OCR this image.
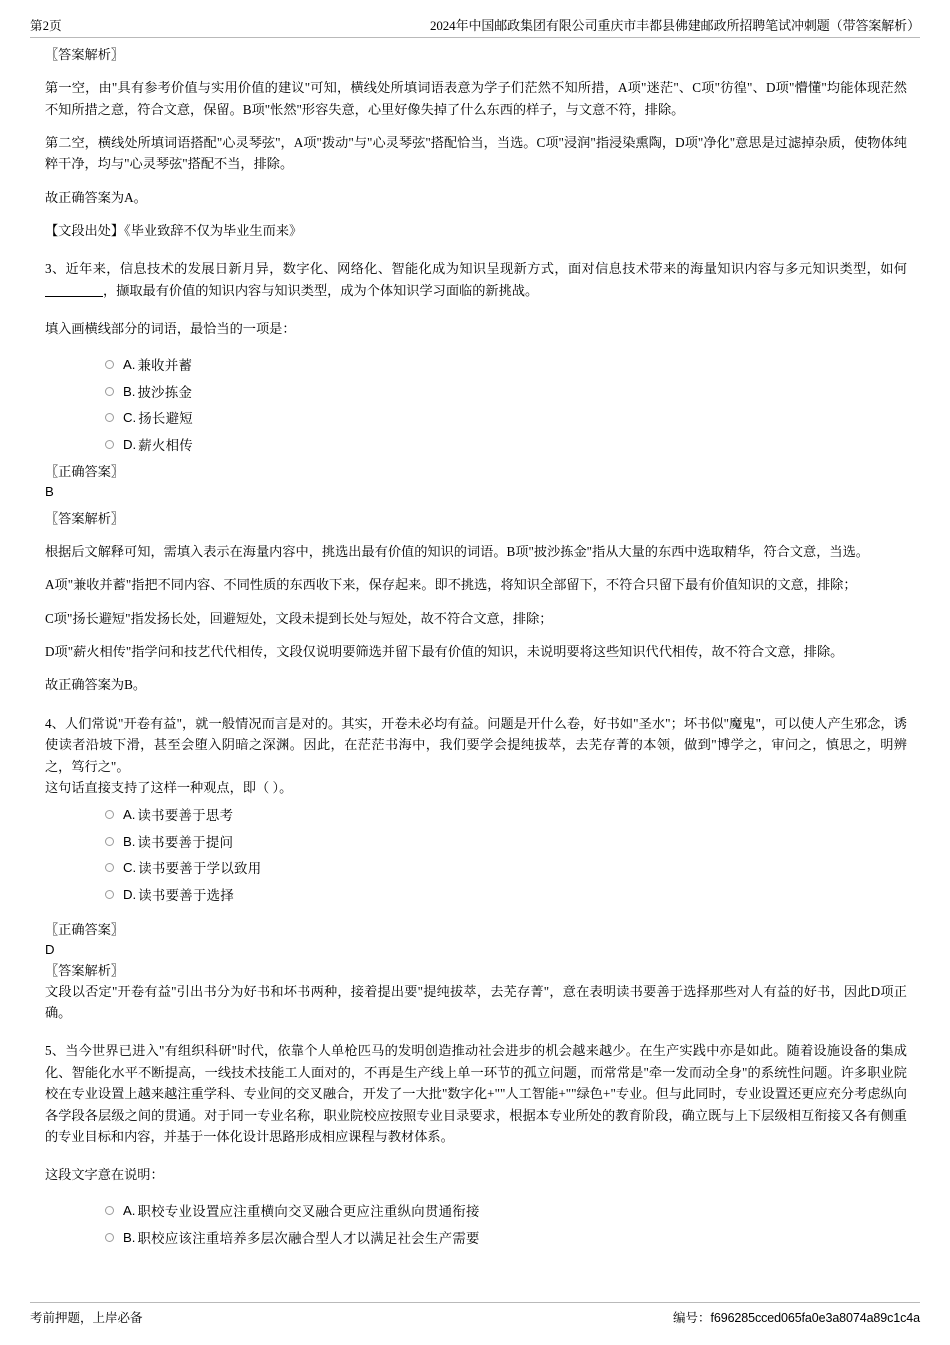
第2页	2024年中国邮政集团有限公司重庆市丰都县佛建邮政所招聘笔试冲刺题（带答案解析）

〖答案解析〗

第一空，由"具有参考价值与实用价值的建议"可知，横线处所填词语表意为学子们茫然不知所措，A项"迷茫"、C项"彷徨"、D项"懵懂"均能体现茫然不知所措之意，符合文意，保留。B项"怅然"形容失意，心里好像失掉了什么东西的样子，与文意不符，排除。

第二空，横线处所填词语搭配"心灵琴弦"，A项"拨动"与"心灵琴弦"搭配恰当，当选。C项"浸润"指浸染熏陶，D项"净化"意思是过滤掉杂质，使物体纯粹干净，均与"心灵琴弦"搭配不当，排除。

故正确答案为A。

【文段出处】《毕业致辞不仅为毕业生而来》

3、近年来，信息技术的发展日新月异，数字化、网络化、智能化成为知识呈现新方式，面对信息技术带来的海量知识内容与多元知识类型，如何，撷取最有价值的知识内容与知识类型，成为个体知识学习面临的新挑战。

填入画横线部分的词语，最恰当的一项是：

A. 兼收并蓄
B. 披沙拣金
C. 扬长避短
D. 薪火相传

〖正确答案〗

B

〖答案解析〗

根据后文解释可知，需填入表示在海量内容中，挑选出最有价值的知识的词语。B项"披沙拣金"指从大量的东西中选取精华，符合文意，当选。

A项"兼收并蓄"指把不同内容、不同性质的东西收下来，保存起来。即不挑选，将知识全部留下，不符合只留下最有价值知识的文意，排除；

C项"扬长避短"指发扬长处，回避短处，文段未提到长处与短处，故不符合文意，排除；

D项"薪火相传"指学问和技艺代代相传，文段仅说明要筛选并留下最有价值的知识，未说明要将这些知识代代相传，故不符合文意，排除。

故正确答案为B。

4、人们常说"开卷有益"，就一般情况而言是对的。其实，开卷未必均有益。问题是开什么卷，好书如"圣水"；坏书似"魔鬼"，可以使人产生邪念，诱使读者沿坡下滑，甚至会堕入阴暗之深渊。因此，在茫茫书海中，我们要学会提纯拔萃，去芜存菁的本领，做到"博学之，审问之，慎思之，明辨之，笃行之"。

这句话直接支持了这样一种观点，即（ ）。

A. 读书要善于思考
B. 读书要善于提问
C. 读书要善于学以致用
D. 读书要善于选择

〖正确答案〗

D

〖答案解析〗

文段以否定"开卷有益"引出书分为好书和坏书两种，接着提出要"提纯拔萃，去芜存菁"，意在表明读书要善于选择那些对人有益的好书，因此D项正确。

5、当今世界已进入"有组织科研"时代，依靠个人单枪匹马的发明创造推动社会进步的机会越来越少。在生产实践中亦是如此。随着设施设备的集成化、智能化水平不断提高，一线技术技能工人面对的，不再是生产线上单一环节的孤立问题，而常常是"牵一发而动全身"的系统性问题。许多职业院校在专业设置上越来越注重学科、专业间的交叉融合，开发了一大批"数字化+""人工智能+""绿色+"专业。但与此同时，专业设置还更应充分考虑纵向各学段各层级之间的贯通。对于同一专业名称，职业院校应按照专业目录要求，根据本专业所处的教育阶段，确立既与上下层级相互衔接又各有侧重的专业目标和内容，并基于一体化设计思路形成相应课程与教材体系。

这段文字意在说明：

A. 职校专业设置应注重横向交叉融合更应注重纵向贯通衔接
B. 职校应该注重培养多层次融合型人才以满足社会生产需要
考前押题，上岸必备	编号：f696285cced065fa0e3a8074a89c1c4a
